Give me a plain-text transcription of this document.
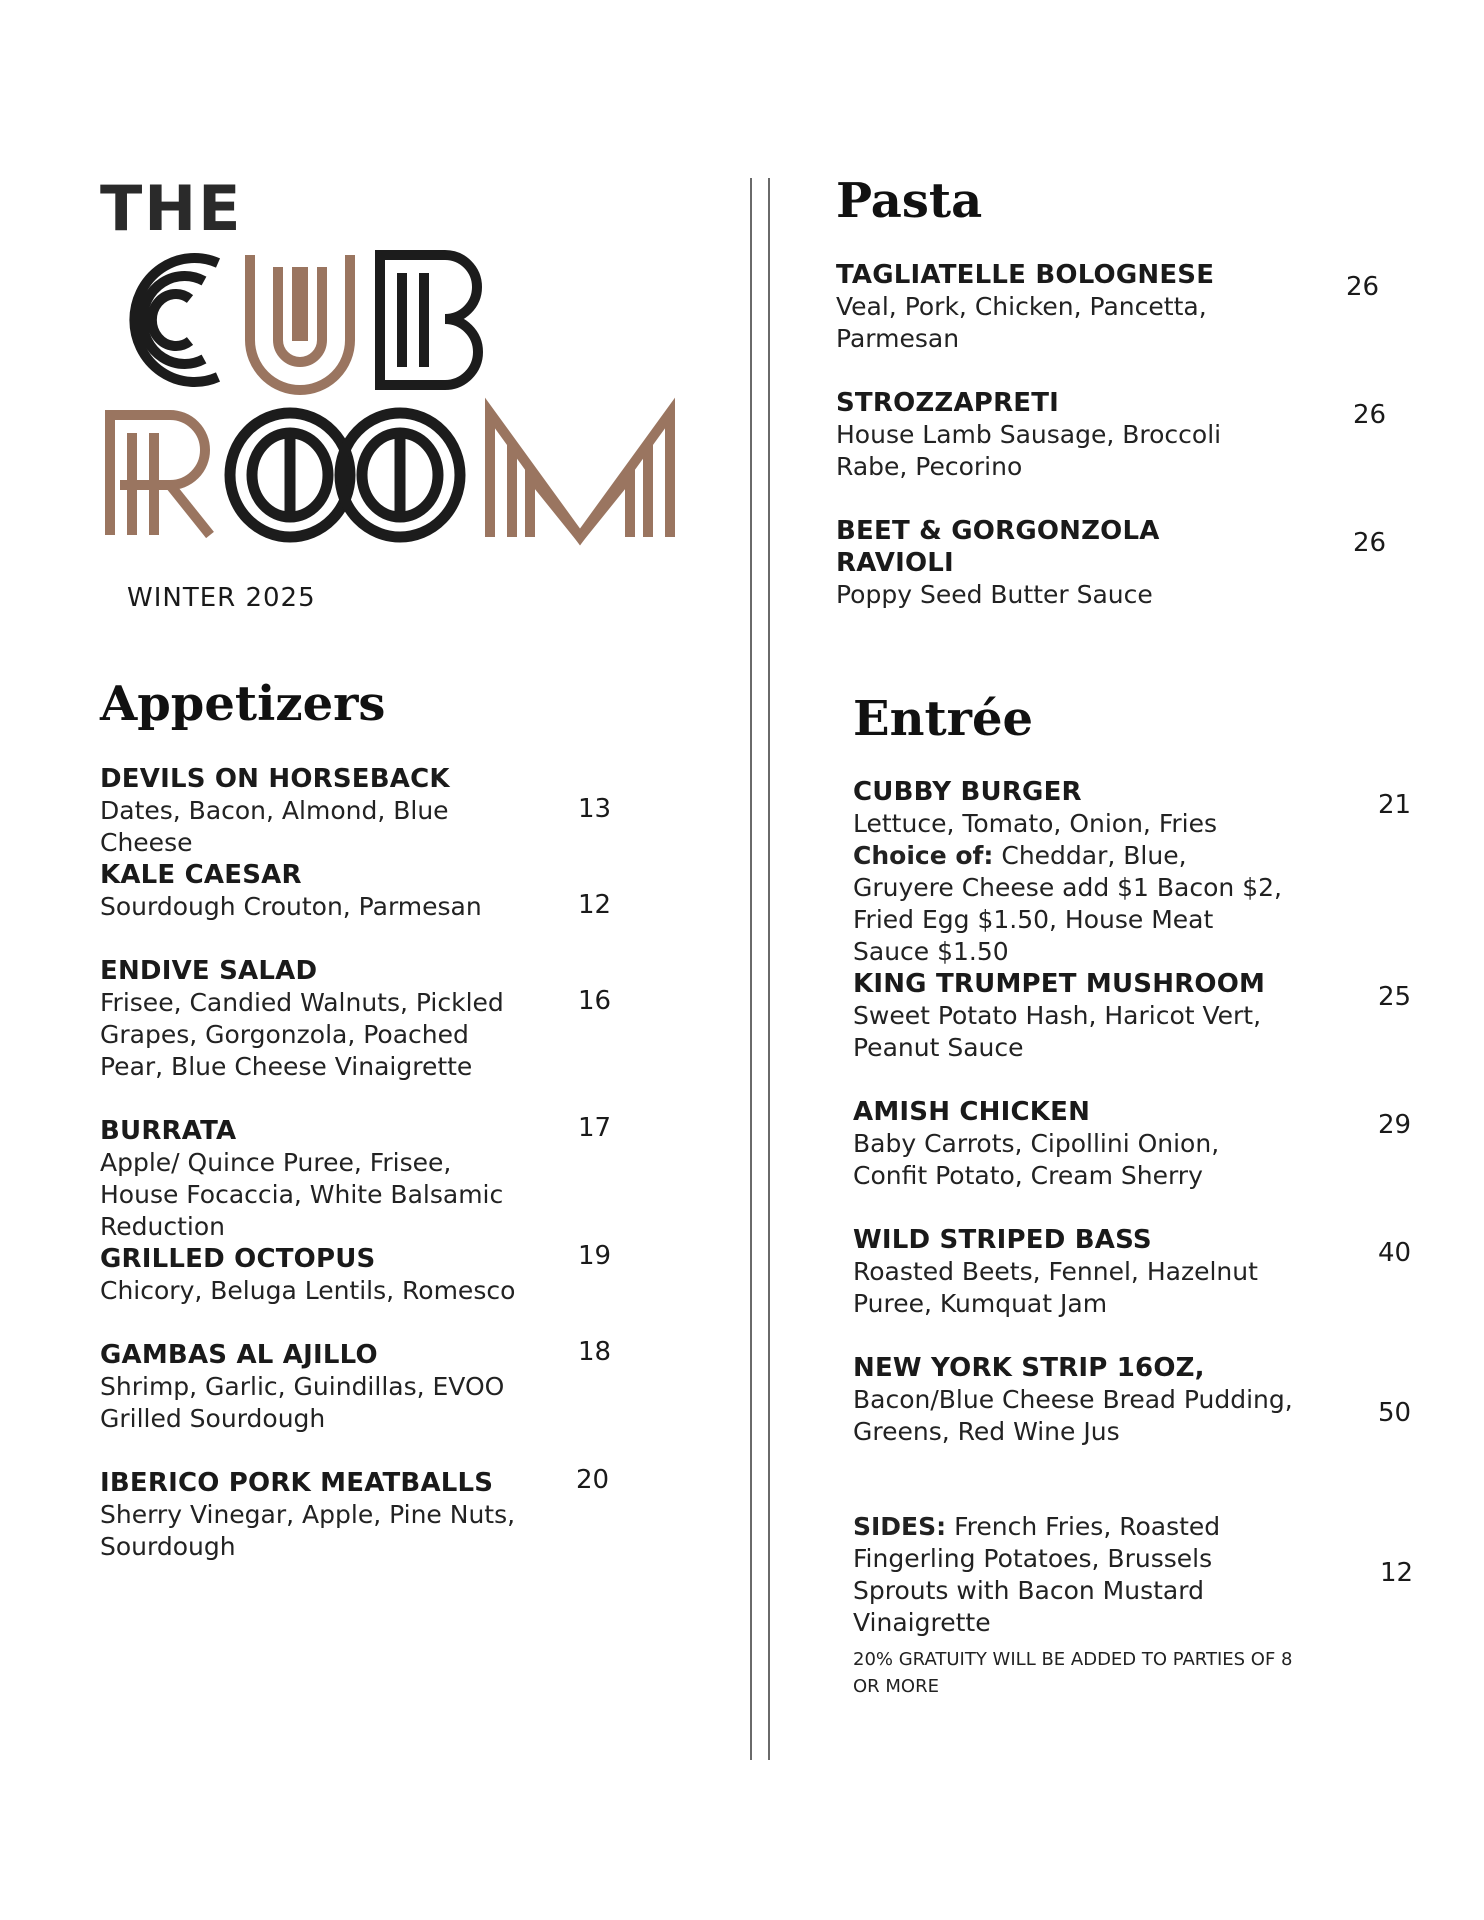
THE
WINTER 2025
Appetizers
DEVILS ON HORSEBACK
Dates, Bacon, Almond, Blue Cheese
13
KALE CAESAR
Sourdough Crouton, Parmesan	12
ENDIVE SALAD
Frisee, Candied Walnuts, Pickled Grapes, Gorgonzola, Poached Pear, Blue Cheese Vinaigrette
16
BURRATA
Apple/ Quince Puree, Frisee, House Focaccia, White Balsamic Reduction
17
GRILLED OCTOPUS
Chicory, Beluga Lentils, Romesco
19
GAMBAS AL AJILLO
Shrimp, Garlic, Guindillas, EVOO Grilled Sourdough
18
IBERICO PORK MEATBALLS
Sherry Vinegar, Apple, Pine Nuts, Sourdough
20
Pasta
TAGLIATELLE BOLOGNESE
Veal, Pork, Chicken, Pancetta, Parmesan
26
STROZZAPRETI
House Lamb Sausage, Broccoli Rabe, Pecorino
26
BEET & GORGONZOLA RAVIOLI
Poppy Seed Butter Sauce
26
Entrée
CUBBY BURGER
Lettuce, Tomato, Onion, Fries
Choice of: Cheddar, Blue, Gruyere Cheese add $1 Bacon $2, Fried Egg $1.50, House Meat Sauce $1.50
21
KING TRUMPET MUSHROOM
Sweet Potato Hash, Haricot Vert, Peanut Sauce
25
AMISH CHICKEN
Baby Carrots, Cipollini Onion, Confit Potato, Cream Sherry
29
WILD STRIPED BASS
Roasted Beets, Fennel, Hazelnut Puree, Kumquat Jam
40
NEW YORK STRIP 16OZ,
Bacon/Blue Cheese Bread Pudding, Greens, Red Wine Jus
50
SIDES: French Fries, Roasted Fingerling Potatoes, Brussels Sprouts with Bacon Mustard Vinaigrette
12
20% GRATUITY WILL BE ADDED TO PARTIES OF 8 OR MORE
